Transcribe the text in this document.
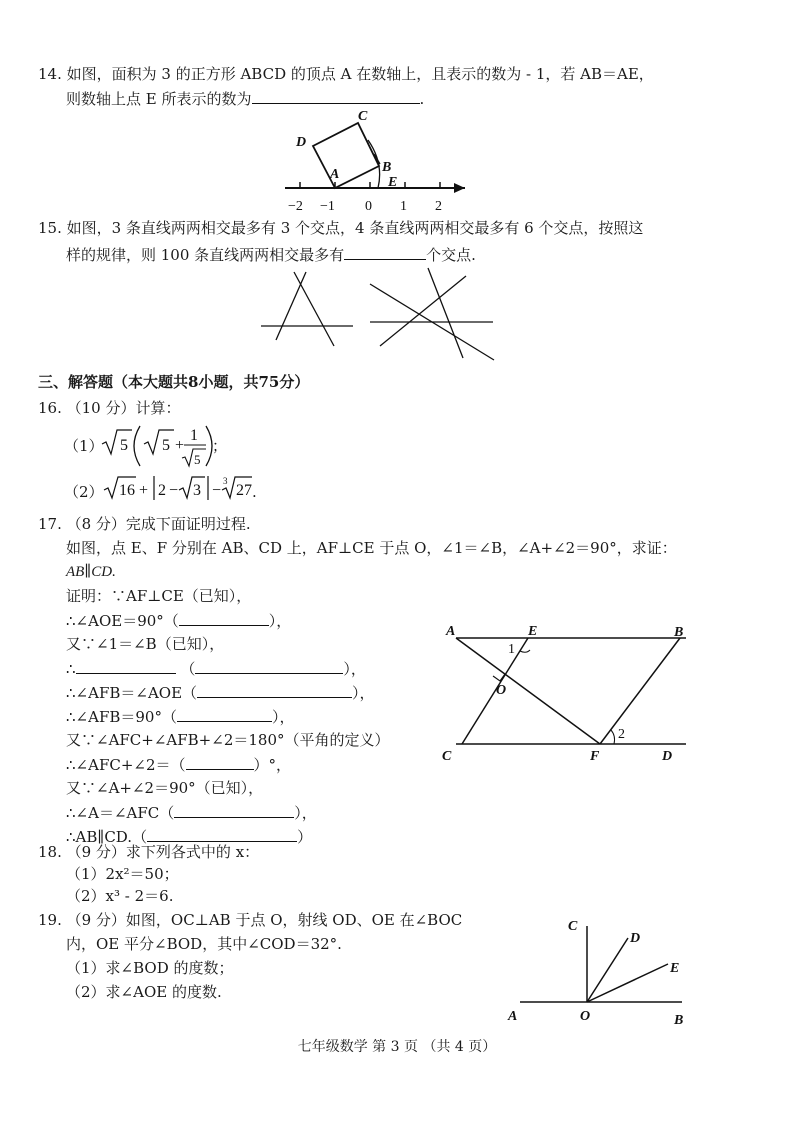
14. 如图，面积为 3 的正方形 ABCD 的顶点 A 在数轴上，且表示的数为 - 1，若 AB＝AE，
则数轴上点 E 所表示的数为	.
C
D
A	B
E
−2 −1 0 1 2
15. 如图，3 条直线两两相交最多有 3 个交点，4 条直线两两相交最多有 6 个交点，按照这
样的规律，则 100 条直线两两相交最多有	个交点.
三、解答题（本大题共8小题，共75分）
16. （10 分）计算：
（1） 5 5 +
1
5
；
（2） 16 + 2 − 3 −
3
27 .
17. （8 分）完成下面证明过程.
如图，点 E、F 分别在 AB、CD 上，AF⊥CE 于点 O，∠1＝∠B，∠A+∠2＝90°，求证：
AB∥CD.
证明：∵AF⊥CE（已知），
∴∠AOE＝90°（	），
又∵∠1＝∠B（已知），
∴	（	），
∴∠AFB＝∠AOE（	），
∴∠AFB＝90°（	），
又∵∠AFC+∠AFB+∠2＝180°（平角的定义）
∴∠AFC+∠2＝（	）°，
又∵∠A+∠2＝90°（已知），
∴∠A＝∠AFC（	），
∴AB∥CD.（	）
A	E	B
1
O
C	F
2
D
18. （9 分）求下列各式中的 x：
（1）2x²＝50；
（2）x³ - 2＝6.
19. （9 分）如图，OC⊥AB 于点 O，射线 OD、OE 在∠BOC
内，OE 平分∠BOD，其中∠COD＝32°.
（1）求∠BOD 的度数；
（2）求∠AOE 的度数.
C
D
E
A	O	B
七年级数学 第 3 页 （共 4 页）
